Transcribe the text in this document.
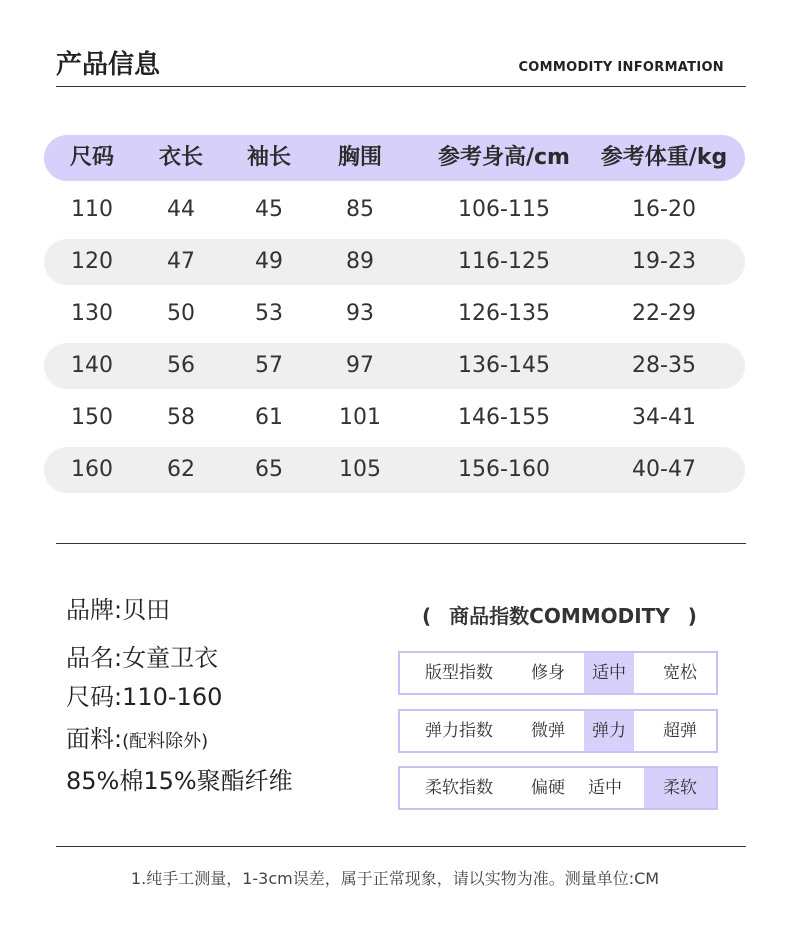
产品信息	COMMODITY INFORMATION
尺码	衣长	袖长	胸围	参考身高/cm	参考体重/kg
110	44	45	85	106-115	16-20
120	47	49	89	116-125	19-23
130	50	53	93	126-135	22-29
140	56	57	97	136-145	28-35
150	58	61	101	146-155	34-41
160	62	65	105	156-160	40-47
品牌:贝田
品名:女童卫衣
尺码:110-160
面料:(配料除外)
85%棉15%聚酯纤维
( 商品指数COMMODITY )
版型指数	修身	适中	宽松
弹力指数	微弹	弹力	超弹
柔软指数	偏硬	适中	柔软
1.纯手工测量，1-3cm误差，属于正常现象，请以实物为准。测量单位:CM
